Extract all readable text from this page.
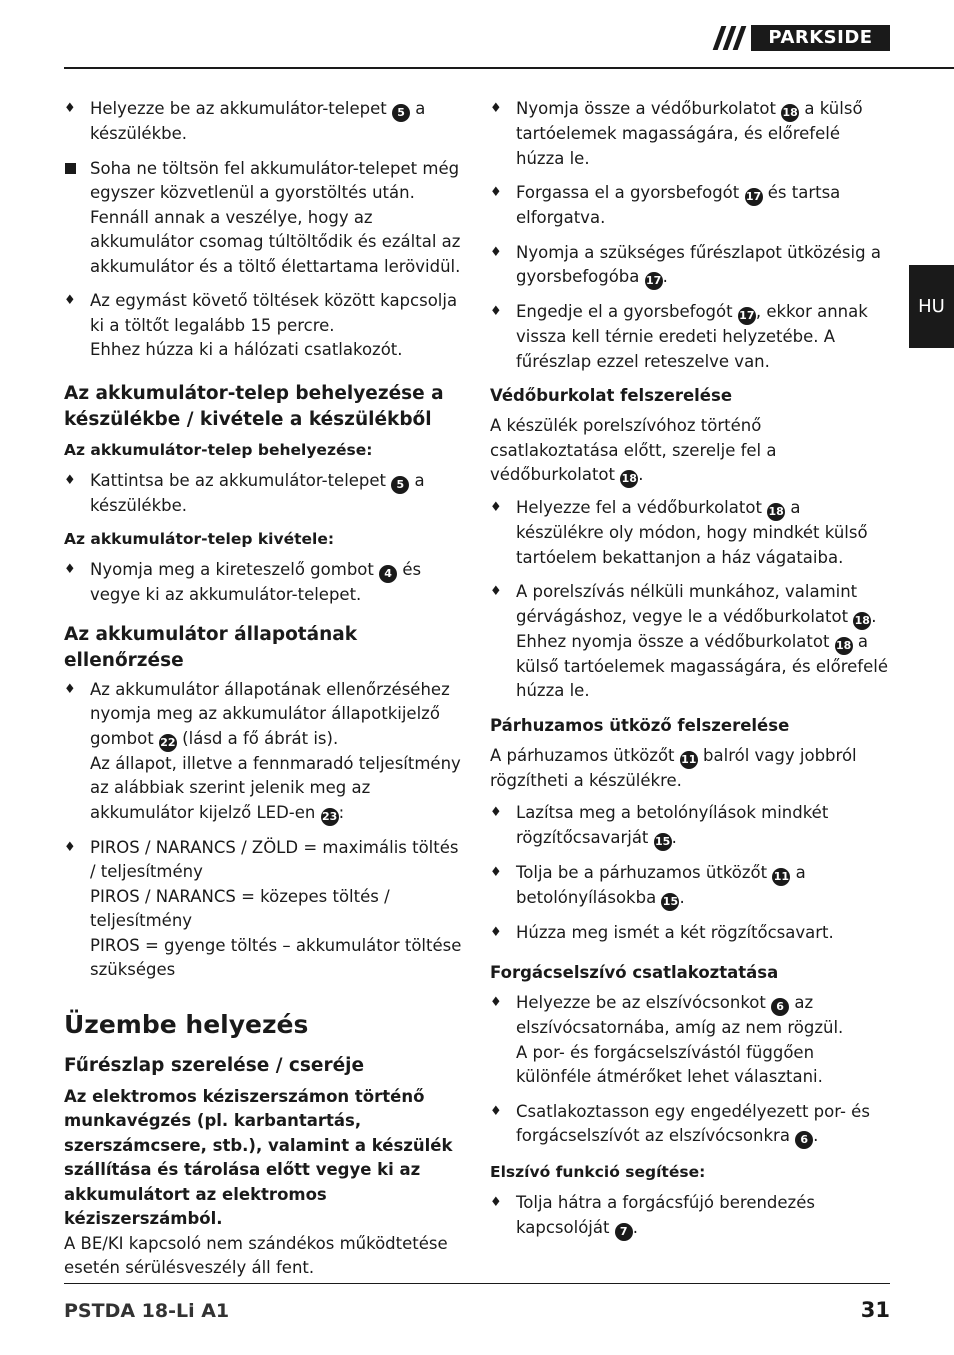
PARKSIDE
HU
♦ Helyezze be az akkumulátor-telepet 5 a készülékbe.
Soha ne töltsön fel akkumulátor-telepet még egyszer közvetlenül a gyorstöltés után. Fennáll annak a veszélye, hogy az akkumulátor csomag túltöltődik és ezáltal az akkumulátor és a töltő élettartama lerövidül.
♦ Az egymást követő töltések között kapcsolja ki a töltőt legalább 15 percre.
Ehhez húzza ki a hálózati csatlakozót.
Az akkumulátor-telep behelyezése a készülékbe / kivétele a készülékből
Az akkumulátor-telep behelyezése:
♦ Kattintsa be az akkumulátor-telepet 5 a készülékbe.
Az akkumulátor-telep kivétele:
♦ Nyomja meg a kireteszelő gombot 4 és vegye ki az akkumulátor-telepet.
Az akkumulátor állapotának ellenőrzése
♦ Az akkumulátor állapotának ellenőrzéséhez nyomja meg az akkumulátor állapotkijelző gombot 22 (lásd a fő ábrát is).
Az állapot, illetve a fennmaradó teljesítmény az alábbiak szerint jelenik meg az akkumulátor kijelző LED-en 23:
♦ PIROS / NARANCS / ZÖLD = maximális töltés / teljesítmény
PIROS / NARANCS = közepes töltés / teljesítmény
PIROS = gyenge töltés – akkumulátor töltése szükséges
Üzembe helyezés
Fűrészlap szerelése / cseréje
Az elektromos kéziszerszámon történő munkavégzés (pl. karbantartás, szerszámcsere, stb.), valamint a készülék szállítása és tárolása előtt vegye ki az akkumulátort az elektromos kéziszerszámból.
A BE/KI kapcsoló nem szándékos működtetése esetén sérülésveszély áll fent.
♦ Nyomja össze a védőburkolatot 18 a külső tartóelemek magasságára, és előrefelé húzza le.
♦ Forgassa el a gyorsbefogót 17 és tartsa elforgatva.
♦ Nyomja a szükséges fűrészlapot ütközésig a gyorsbefogóba 17.
♦ Engedje el a gyorsbefogót 17, ekkor annak vissza kell térnie eredeti helyzetébe. A fűrészlap ezzel reteszelve van.
Védőburkolat felszerelése
A készülék porelszívóhoz történő csatlakoztatása előtt, szerelje fel a védőburkolatot 18.
♦ Helyezze fel a védőburkolatot 18 a készülékre oly módon, hogy mindkét külső tartóelem bekattanjon a ház vágataiba.
♦ A porelszívás nélküli munkához, valamint gérvágáshoz, vegye le a védőburkolatot 18.
Ehhez nyomja össze a védőburkolatot 18 a külső tartóelemek magasságára, és előrefelé húzza le.
Párhuzamos ütköző felszerelése
A párhuzamos ütközőt 11 balról vagy jobbról rögzítheti a készülékre.
♦ Lazítsa meg a betolónyílások mindkét rögzítőcsavarját 15.
♦ Tolja be a párhuzamos ütközőt 11 a betolónyílásokba 15.
♦ Húzza meg ismét a két rögzítőcsavart.
Forgácselszívó csatlakoztatása
♦ Helyezze be az elszívócsonkot 6 az elszívócsatornába, amíg az nem rögzül.
A por- és forgácselszívástól függően különféle átmérőket lehet választani.
♦ Csatlakoztasson egy engedélyezett por- és forgácselszívót az elszívócsonkra 6 .
Elszívó funkció segítése:
♦ Tolja hátra a forgácsfújó berendezés kapcsolóját 7 .
PSTDA 18-Li A1	31
